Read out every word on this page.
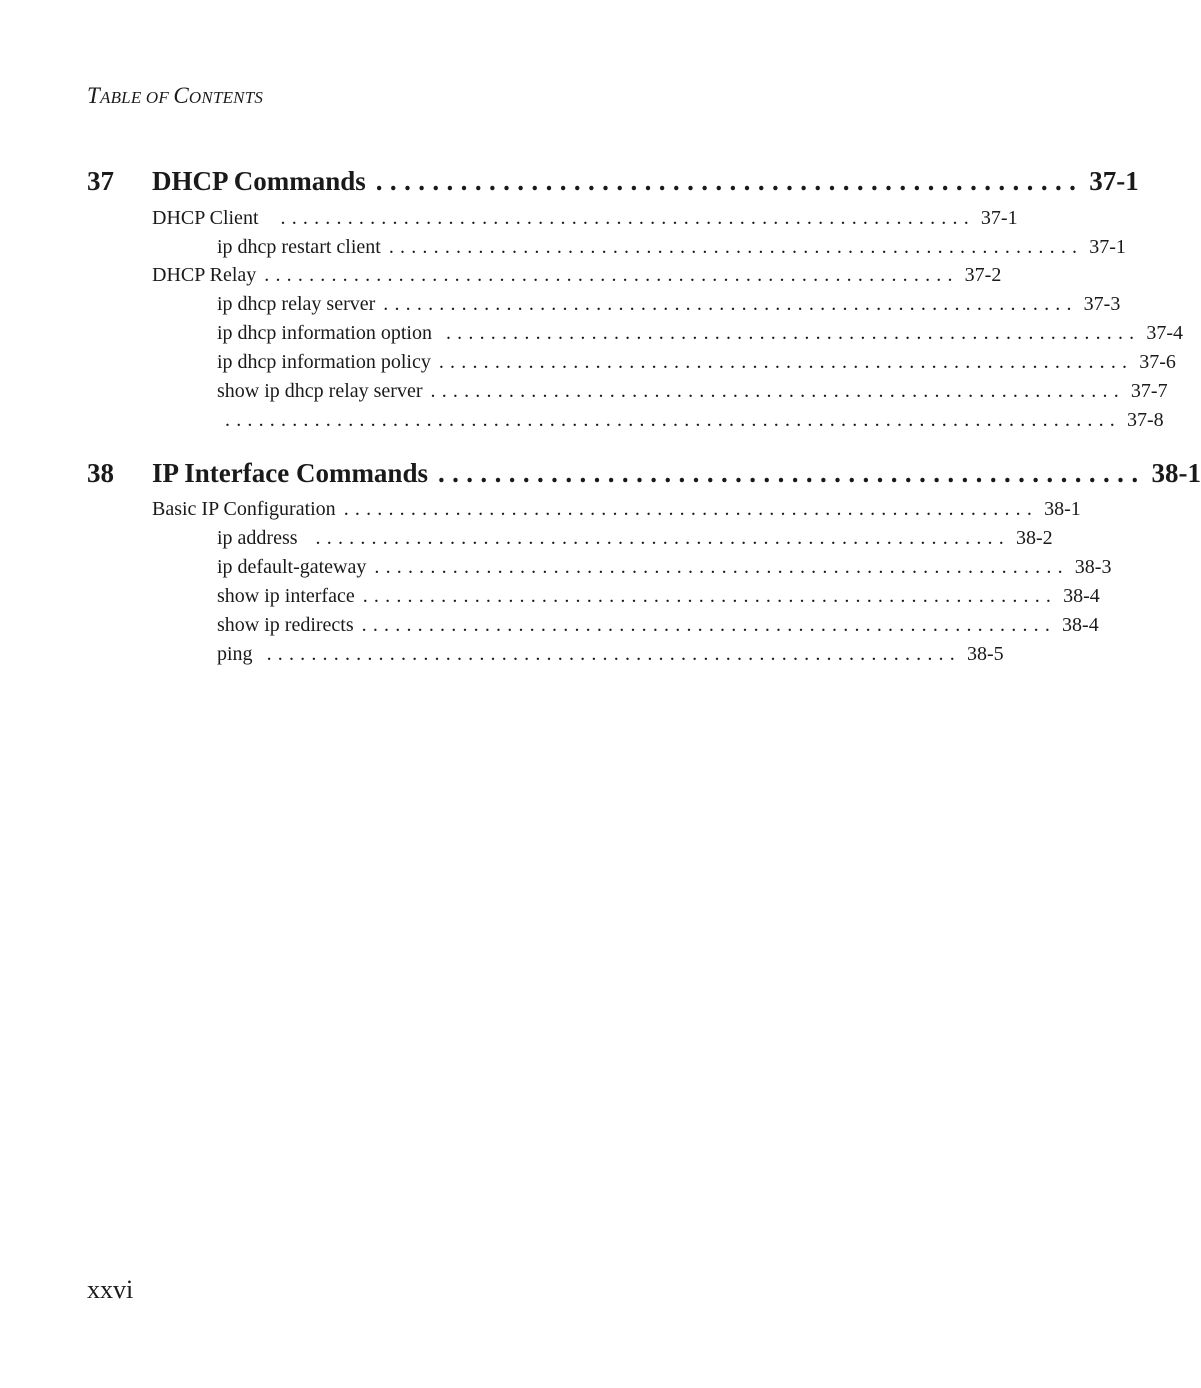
TABLE OF CONTENTS
37	DHCP Commands .................................................. 37-1
DHCP Client	.............................................................. 37-1
ip dhcp restart client .............................................................. 37-1
DHCP Relay .............................................................. 37-2
ip dhcp relay server .............................................................. 37-3
ip dhcp information option .............................................................. 37-4
ip dhcp information policy .............................................................. 37-6
show ip dhcp relay server .............................................................. 37-7
................................................................................ 37-8
38	IP Interface Commands .................................................. 38-1
Basic IP Configuration .............................................................. 38-1
ip address .............................................................. 38-2
ip default-gateway .............................................................. 38-3
show ip interface .............................................................. 38-4
show ip redirects .............................................................. 38-4
ping .............................................................. 38-5
xxvi
